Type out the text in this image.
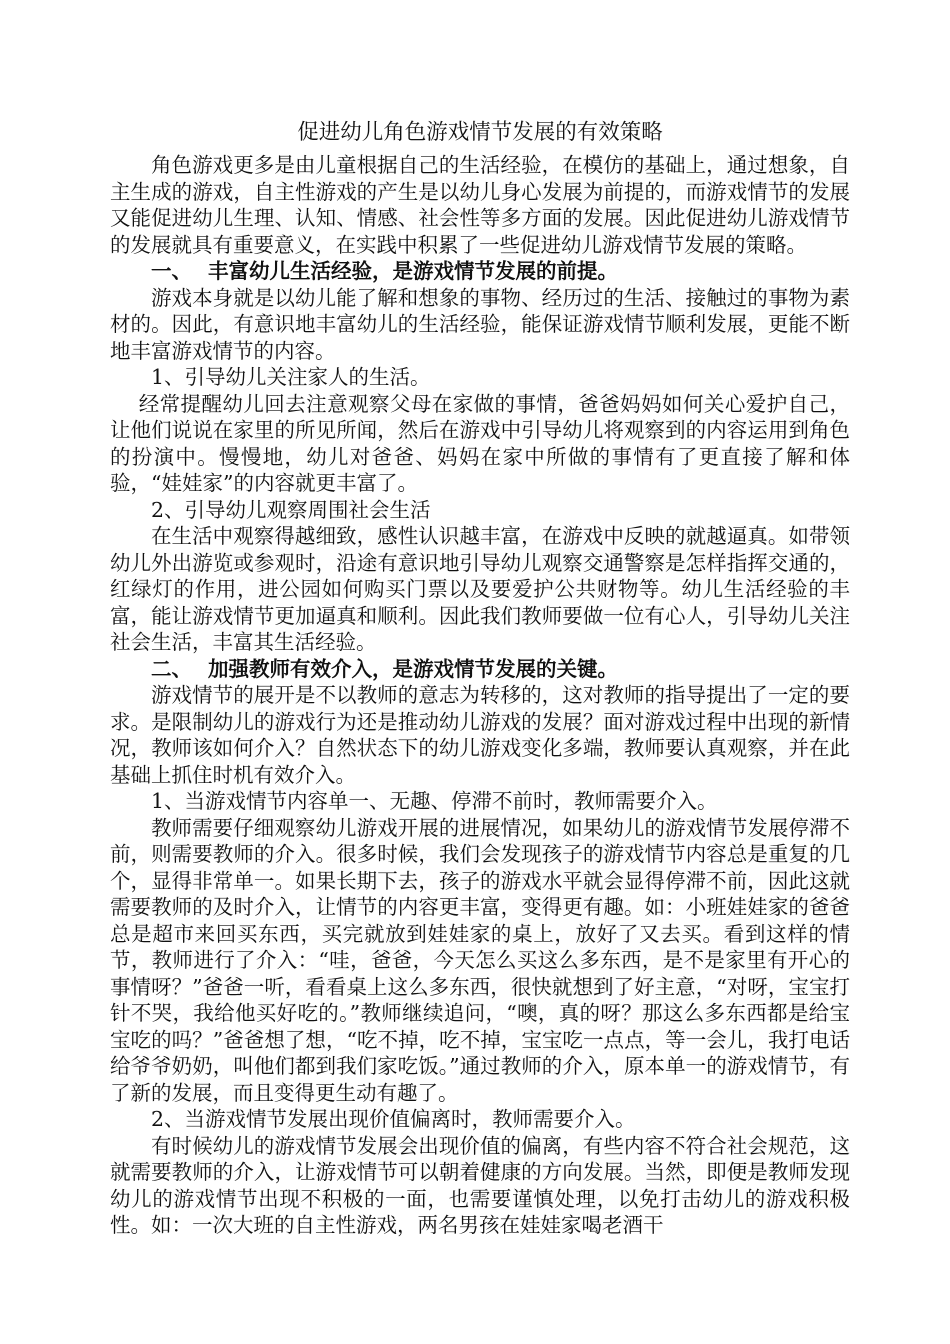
促进幼儿角色游戏情节发展的有效策略

角色游戏更多是由儿童根据自己的生活经验，在模仿的基础上，通过想象，自主生成的游戏，自主性游戏的产生是以幼儿身心发展为前提的，而游戏情节的发展又能促进幼儿生理、认知、情感、社会性等多方面的发展。因此促进幼儿游戏情节的发展就具有重要意义，在实践中积累了一些促进幼儿游戏情节发展的策略。

一、 丰富幼儿生活经验，是游戏情节发展的前提。

游戏本身就是以幼儿能了解和想象的事物、经历过的生活、接触过的事物为素材的。因此，有意识地丰富幼儿的生活经验，能保证游戏情节顺利发展，更能不断地丰富游戏情节的内容。

1、引导幼儿关注家人的生活。

经常提醒幼儿回去注意观察父母在家做的事情，爸爸妈妈如何关心爱护自己，让他们说说在家里的所见所闻，然后在游戏中引导幼儿将观察到的内容运用到角色的扮演中。慢慢地，幼儿对爸爸、妈妈在家中所做的事情有了更直接了解和体验，“娃娃家”的内容就更丰富了。

2、引导幼儿观察周围社会生活

在生活中观察得越细致，感性认识越丰富，在游戏中反映的就越逼真。如带领幼儿外出游览或参观时，沿途有意识地引导幼儿观察交通警察是怎样指挥交通的，红绿灯的作用，进公园如何购买门票以及要爱护公共财物等。幼儿生活经验的丰富，能让游戏情节更加逼真和顺利。因此我们教师要做一位有心人，引导幼儿关注社会生活，丰富其生活经验。

二、 加强教师有效介入，是游戏情节发展的关键。

游戏情节的展开是不以教师的意志为转移的，这对教师的指导提出了一定的要求。是限制幼儿的游戏行为还是推动幼儿游戏的发展？面对游戏过程中出现的新情况，教师该如何介入？自然状态下的幼儿游戏变化多端，教师要认真观察，并在此基础上抓住时机有效介入。

1、当游戏情节内容单一、无趣、停滞不前时，教师需要介入。

教师需要仔细观察幼儿游戏开展的进展情况，如果幼儿的游戏情节发展停滞不前，则需要教师的介入。很多时候，我们会发现孩子的游戏情节内容总是重复的几个，显得非常单一。如果长期下去，孩子的游戏水平就会显得停滞不前，因此这就需要教师的及时介入，让情节的内容更丰富，变得更有趣。如：小班娃娃家的爸爸总是超市来回买东西，买完就放到娃娃家的桌上，放好了又去买。看到这样的情节，教师进行了介入：“哇，爸爸，今天怎么买这么多东西，是不是家里有开心的事情呀？”爸爸一听，看看桌上这么多东西，很快就想到了好主意，“对呀，宝宝打针不哭，我给他买好吃的。”教师继续追问，“噢，真的呀？那这么多东西都是给宝宝吃的吗？”爸爸想了想，“吃不掉，吃不掉，宝宝吃一点点，等一会儿，我打电话给爷爷奶奶，叫他们都到我们家吃饭。”通过教师的介入，原本单一的游戏情节，有了新的发展，而且变得更生动有趣了。

2、当游戏情节发展出现价值偏离时，教师需要介入。

有时候幼儿的游戏情节发展会出现价值的偏离，有些内容不符合社会规范，这就需要教师的介入，让游戏情节可以朝着健康的方向发展。当然，即便是教师发现幼儿的游戏情节出现不积极的一面，也需要谨慎处理，以免打击幼儿的游戏积极性。如：一次大班的自主性游戏，两名男孩在娃娃家喝老酒干
